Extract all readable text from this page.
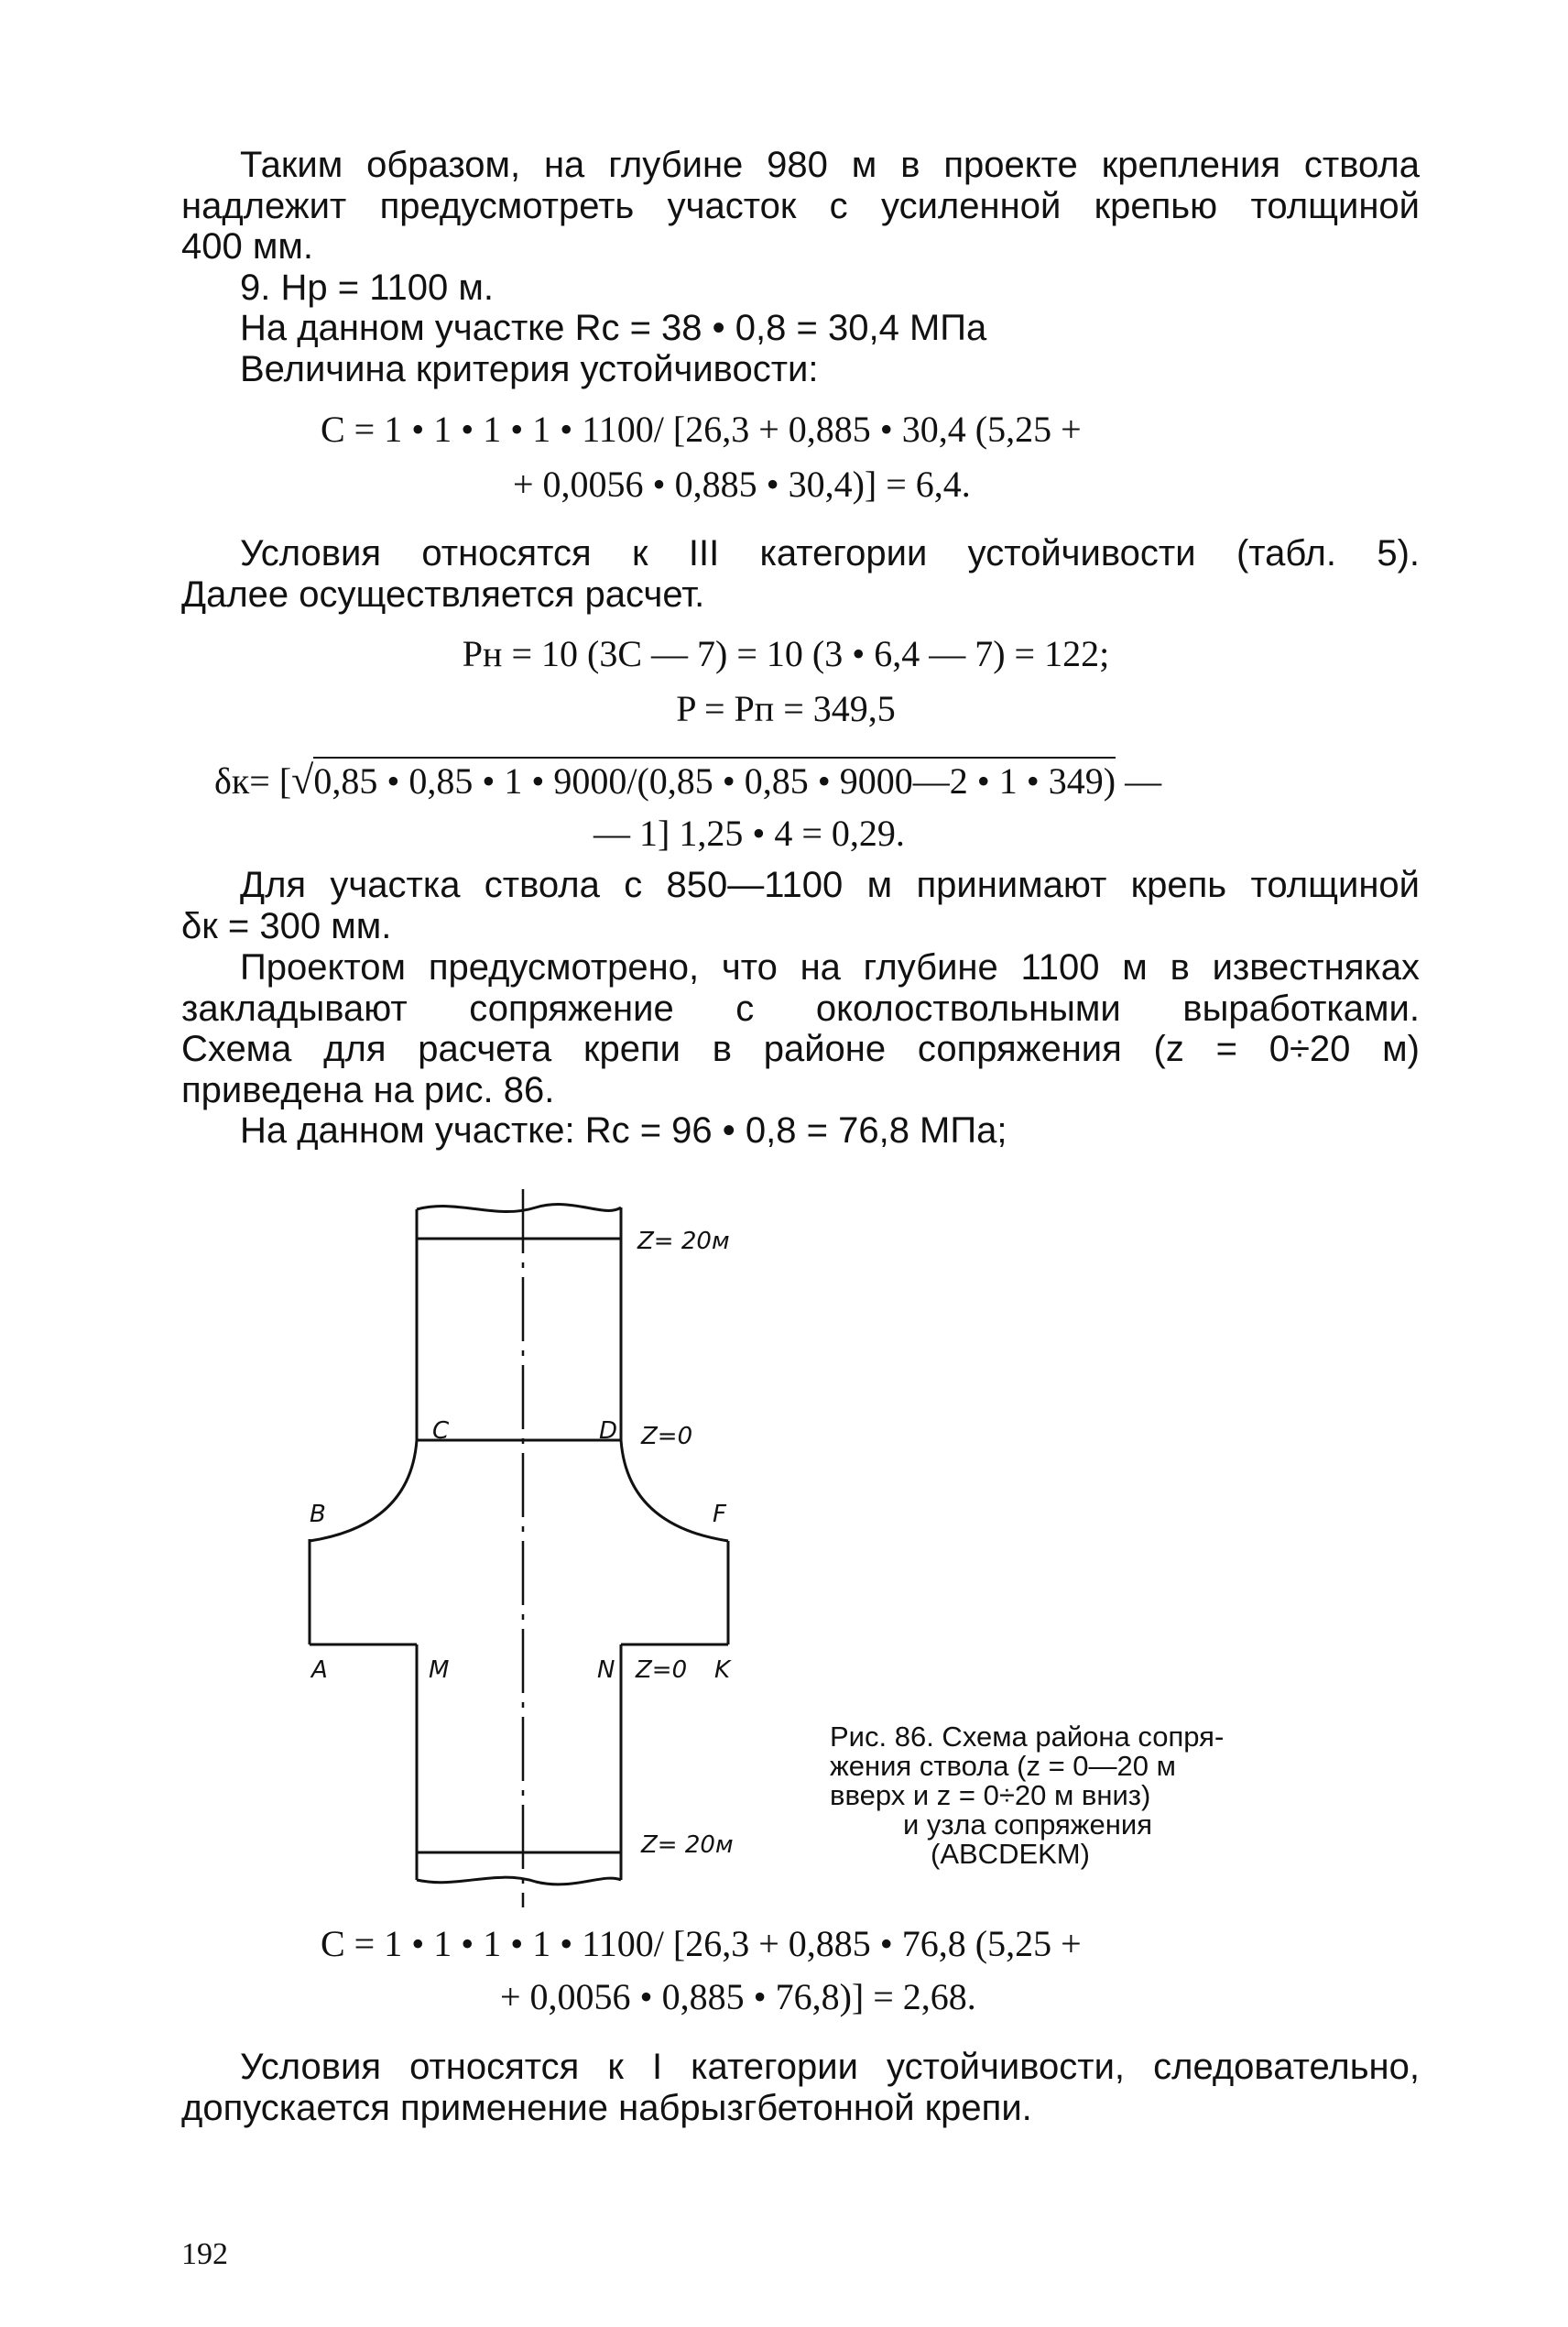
Таким образом, на глубине 980 м в проекте крепления ствола
надлежит предусмотреть участок с усиленной крепью толщиной
400 мм.
9. Hр = 1100 м.
На данном участке Rс = 38 • 0,8 = 30,4 МПа
Величина критерия устойчивости:
C = 1 • 1 • 1 • 1 • 1100/ [26,3 + 0,885 • 30,4 (5,25 +
+ 0,0056 • 0,885 • 30,4)] = 6,4.
Условия относятся к III категории устойчивости (табл. 5).
Далее осуществляется расчет.
Pн = 10 (3C — 7) = 10 (3 • 6,4 — 7) = 122;
P = Pп = 349,5
δк= [√0,85 • 0,85 • 1 • 9000/(0,85 • 0,85 • 9000—2 • 1 • 349) —
— 1] 1,25 • 4 = 0,29.
Для участка ствола с 850—1100 м принимают крепь толщиной
δк = 300 мм.
Проектом предусмотрено, что на глубине 1100 м в известняках
закладывают сопряжение с околоствольными выработками.
Схема для расчета крепи в районе сопряжения (z = 0÷20 м)
приведена на рис. 86.
На данном участке: Rс = 96 • 0,8 = 76,8 МПа;
Z= 20м
C	D Z=0
B	F
A	M	N Z=0 K
Z= 20м
Рис. 86. Схема района сопря-
жения ствола (z = 0—20 м
вверх и z = 0÷20 м вниз)
и узла сопряжения
(ABCDEKM)
C = 1 • 1 • 1 • 1 • 1100/ [26,3 + 0,885 • 76,8 (5,25 +
+ 0,0056 • 0,885 • 76,8)] = 2,68.
Условия относятся к I категории устойчивости, следовательно,
допускается применение набрызгбетонной крепи.
192
